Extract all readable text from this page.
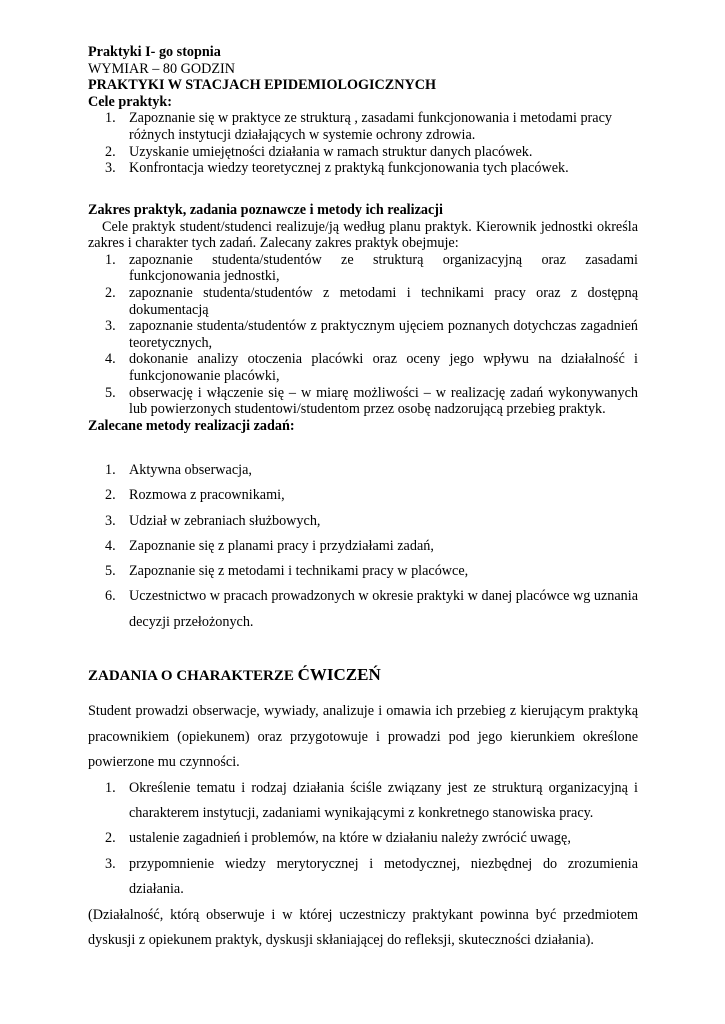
Praktyki I- go stopnia
WYMIAR – 80 GODZIN
PRAKTYKI W STACJACH EPIDEMIOLOGICZNYCH
Cele praktyk:
1. Zapoznanie się w praktyce ze strukturą , zasadami funkcjonowania i metodami pracy różnych instytucji działających w systemie ochrony zdrowia.
2. Uzyskanie umiejętności działania w ramach struktur danych placówek.
3. Konfrontacja wiedzy teoretycznej z praktyką funkcjonowania tych placówek.
Zakres praktyk, zadania poznawcze i metody ich realizacji
Cele praktyk student/studenci realizuje/ją według planu praktyk. Kierownik jednostki określa zakres i charakter tych zadań. Zalecany zakres praktyk obejmuje:
1. zapoznanie studenta/studentów ze strukturą organizacyjną oraz zasadami funkcjonowania jednostki,
2. zapoznanie studenta/studentów z metodami i technikami pracy oraz z dostępną dokumentacją
3. zapoznanie studenta/studentów z praktycznym ujęciem poznanych dotychczas zagadnień teoretycznych,
4. dokonanie analizy otoczenia placówki oraz oceny jego wpływu na działalność i funkcjonowanie placówki,
5. obserwację i włączenie się – w miarę możliwości – w realizację zadań wykonywanych lub powierzonych studentowi/studentom przez osobę nadzorującą przebieg praktyk.
Zalecane metody realizacji zadań:
1. Aktywna obserwacja,
2. Rozmowa z pracownikami,
3. Udział w zebraniach służbowych,
4. Zapoznanie się z planami pracy i przydziałami zadań,
5. Zapoznanie się z metodami i technikami pracy w placówce,
6. Uczestnictwo w pracach prowadzonych w okresie praktyki w danej placówce wg uznania decyzji przełożonych.
ZADANIA O CHARAKTERZE ĆWICZEŃ
Student prowadzi obserwacje, wywiady, analizuje i omawia ich przebieg z kierującym praktyką pracownikiem (opiekunem) oraz przygotowuje i prowadzi pod jego kierunkiem określone powierzone mu czynności.
1. Określenie tematu i rodzaj działania ściśle związany jest ze strukturą organizacyjną i charakterem instytucji, zadaniami wynikającymi z konkretnego stanowiska pracy.
2. ustalenie zagadnień i problemów, na które w działaniu należy zwrócić uwagę,
3. przypomnienie wiedzy merytorycznej i metodycznej, niezbędnej do zrozumienia działania.
(Działalność, którą obserwuje i w której uczestniczy praktykant powinna być przedmiotem dyskusji z opiekunem praktyk, dyskusji skłaniającej do refleksji, skuteczności działania).
